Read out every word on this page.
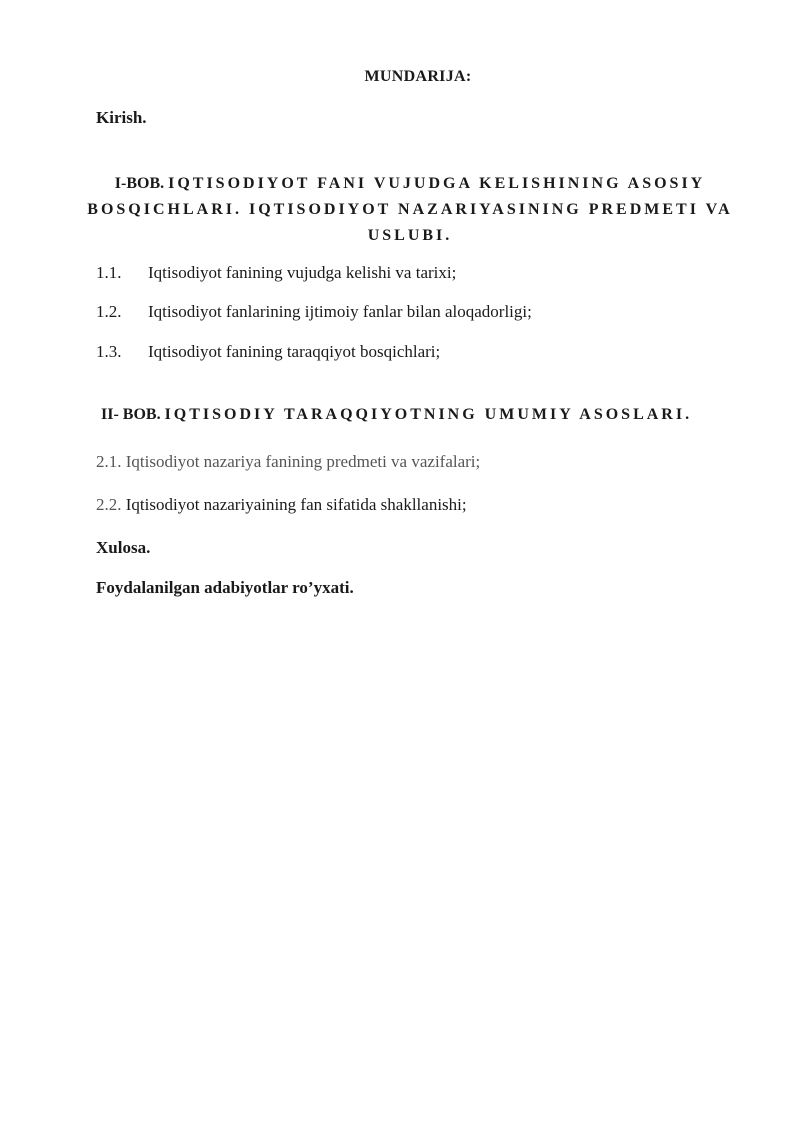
MUNDARIJA:
Kirish.
I-BOB. IQTISODIYOT FANI VUJUDGA KELISHINING ASOSIY BOSQICHLARI. IQTISODIYOT NAZARIYASINING PREDMETI VA USLUBI.
1.1. Iqtisodiyot fanining vujudga kelishi va tarixi;
1.2. Iqtisodiyot fanlarining ijtimoiy fanlar bilan aloqadorligi;
1.3. Iqtisodiyot fanining taraqqiyot bosqichlari;
II- BOB. IQTISODIY TARAQQIYOTNING UMUMIY ASOSLARI.
2.1. Iqtisodiyot nazariya fanining predmeti va vazifalari;
2.2. Iqtisodiyot nazariyaining fan sifatida shakllanishi;
Xulosa.
Foydalanilgan adabiyotlar ro’yxati.
